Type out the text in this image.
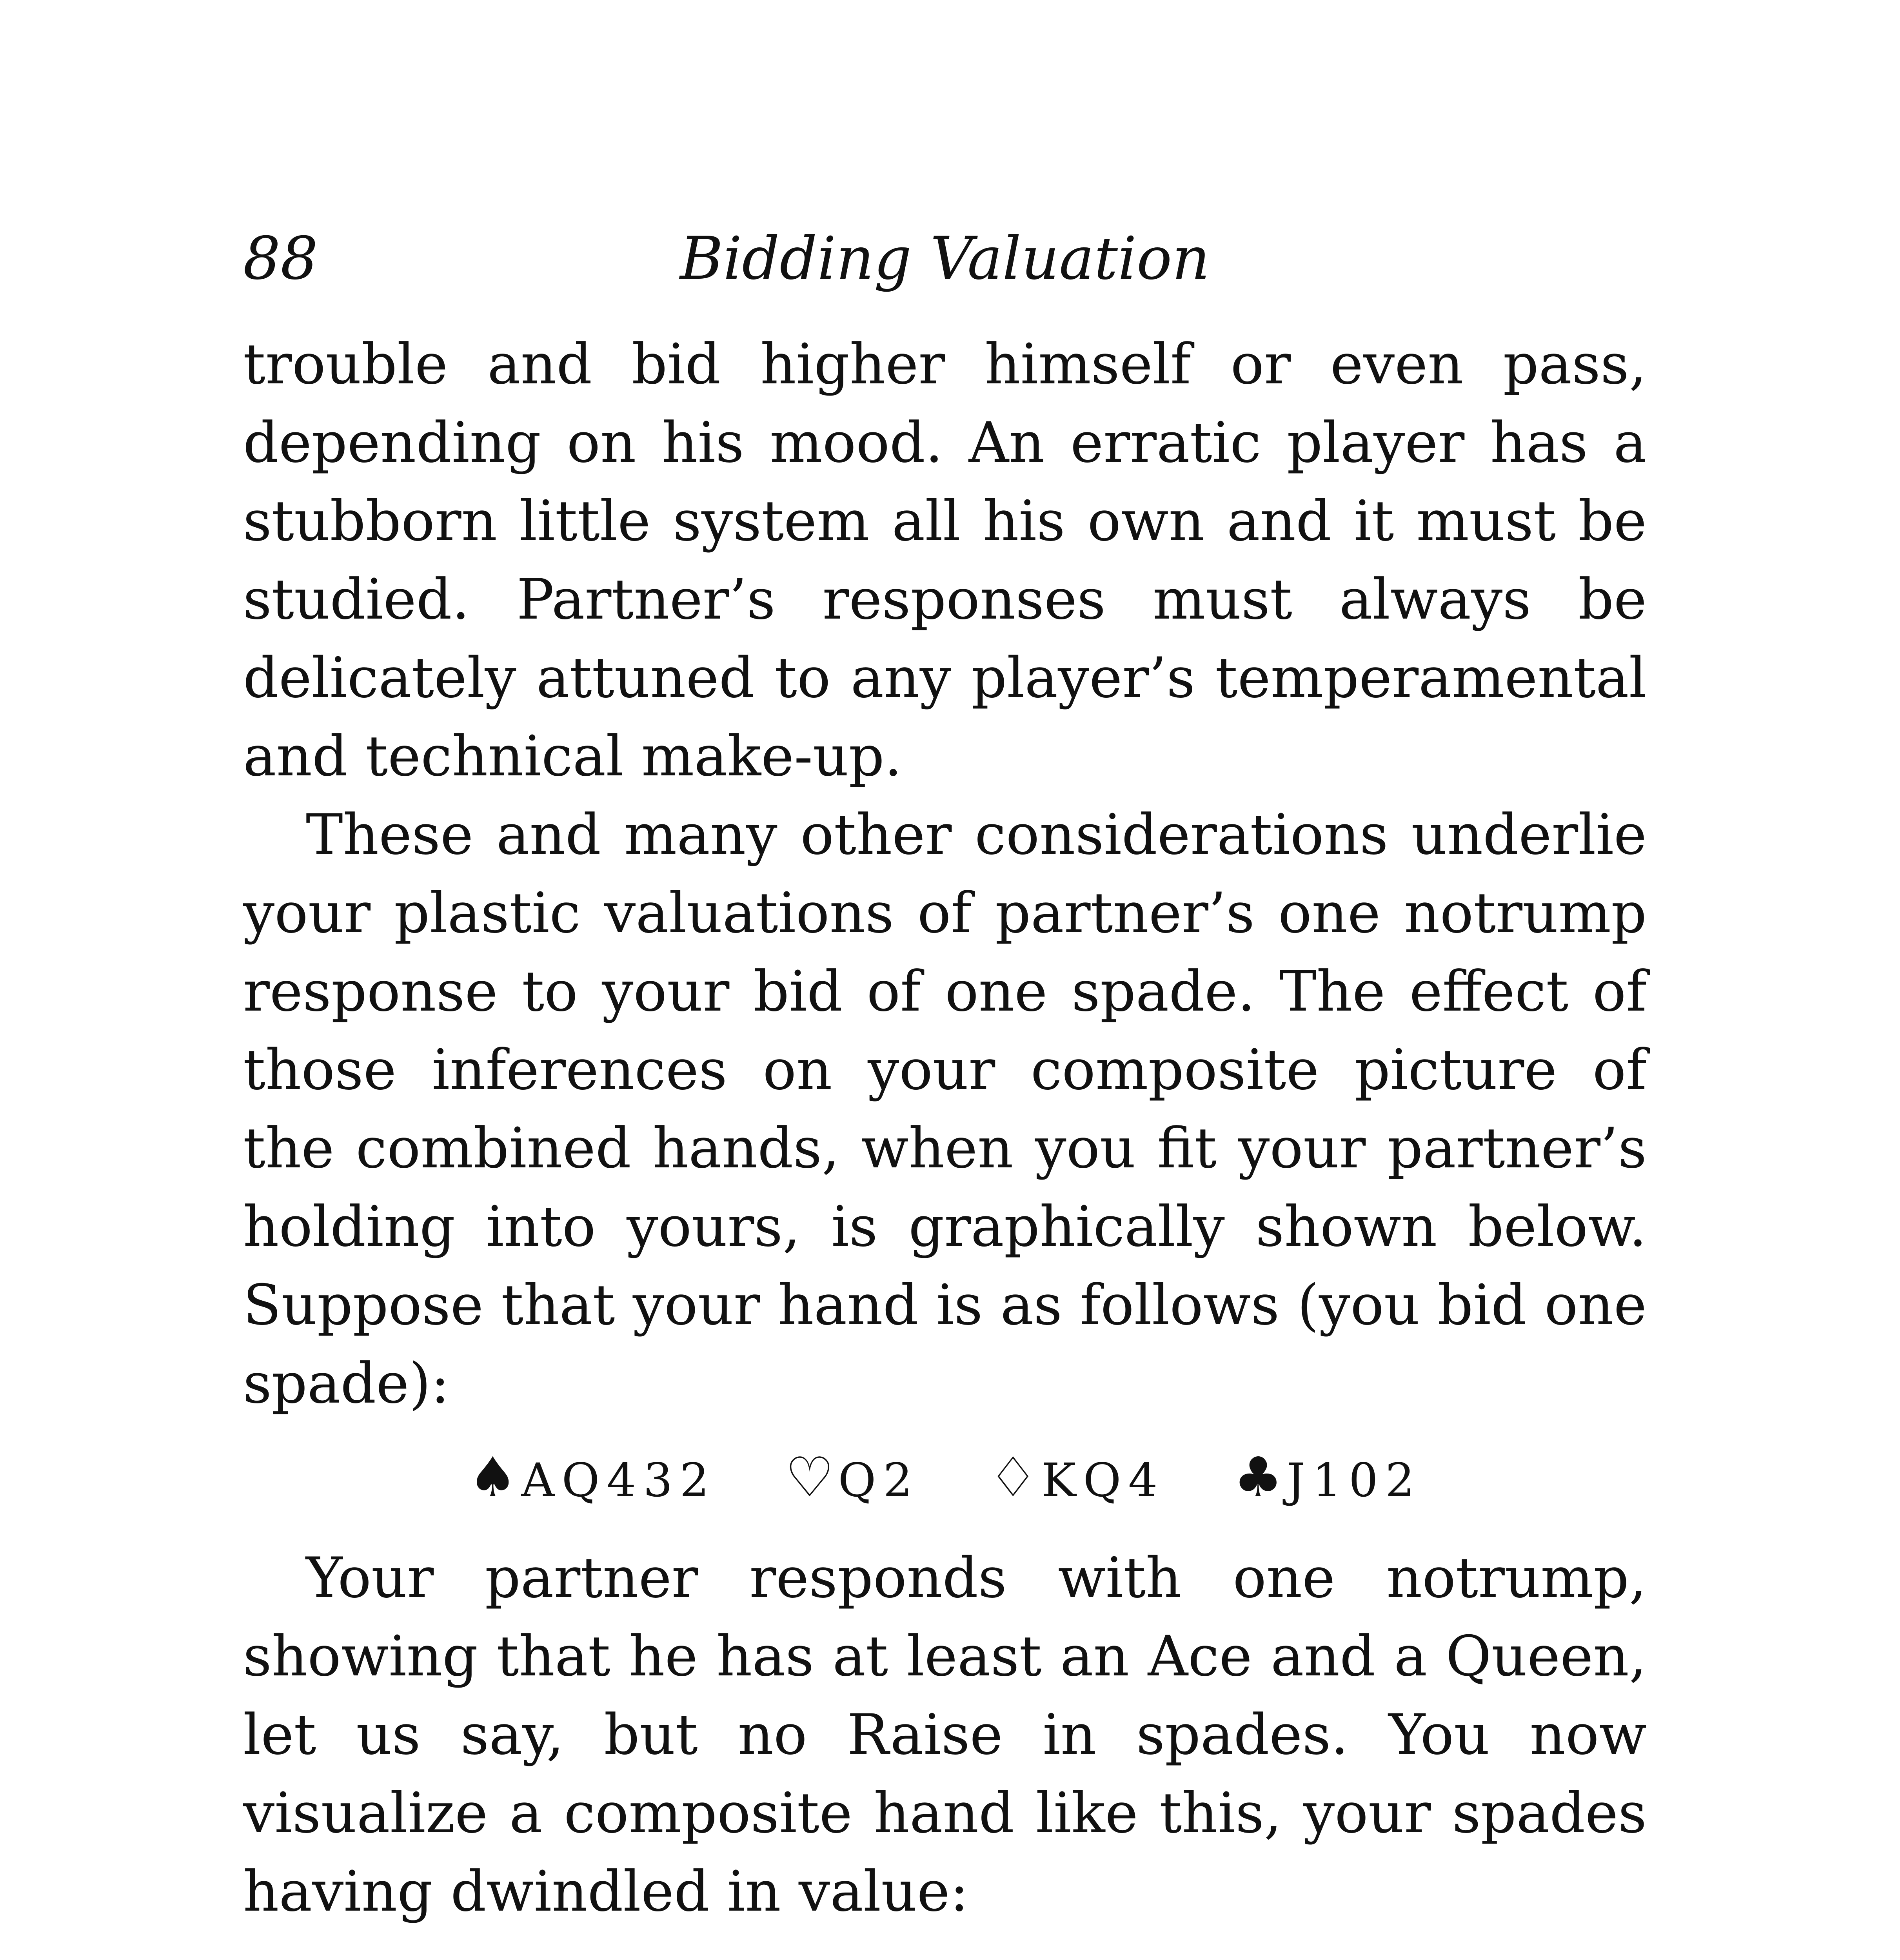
88	Bidding Valuation

trouble and bid higher himself or even pass, depending on his mood. An erratic player has a stubborn little system all his own and it must be studied. Partner’s responses must always be delicately attuned to any player’s temperamental and technical make-up.

These and many other considerations underlie your plastic valuations of partner’s one notrump response to your bid of one spade. The effect of those inferences on your composite picture of the combined hands, when you fit your partner’s holding into yours, is graphically shown below. Suppose that your hand is as follows (you bid one spade):

♠AQ432 ♡Q2 ♢KQ4 ♣J102

Your partner responds with one notrump, showing that he has at least an Ace and a Queen, let us say, but no Raise in spades. You now visualize a composite hand like this, your spades having dwindled in value:
